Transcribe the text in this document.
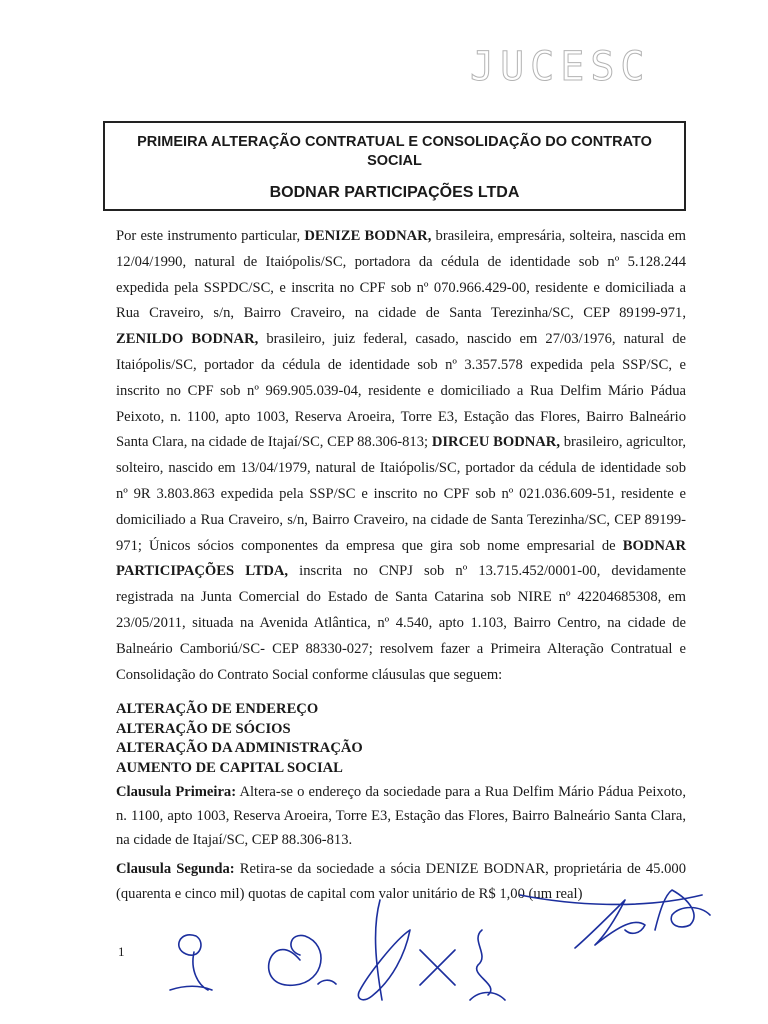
JUCESC
PRIMEIRA ALTERAÇÃO CONTRATUAL E CONSOLIDAÇÃO DO CONTRATO SOCIAL
BODNAR PARTICIPAÇÕES LTDA

Por este instrumento particular, DENIZE BODNAR, brasileira, empresária, solteira, nascida em 12/04/1990, natural de Itaiópolis/SC, portadora da cédula de identidade sob nº 5.128.244 expedida pela SSPDC/SC, e inscrita no CPF sob nº 070.966.429-00, residente e domiciliada a Rua Craveiro, s/n, Bairro Craveiro, na cidade de Santa Terezinha/SC, CEP 89199-971, ZENILDO BODNAR, brasileiro, juiz federal, casado, nascido em 27/03/1976, natural de Itaiópolis/SC, portador da cédula de identidade sob nº 3.357.578 expedida pela SSP/SC, e inscrito no CPF sob nº 969.905.039-04, residente e domiciliado a Rua Delfim Mário Pádua Peixoto, n. 1100, apto 1003, Reserva Aroeira, Torre E3, Estação das Flores, Bairro Balneário Santa Clara, na cidade de Itajaí/SC, CEP 88.306-813; DIRCEU BODNAR, brasileiro, agricultor, solteiro, nascido em 13/04/1979, natural de Itaiópolis/SC, portador da cédula de identidade sob nº 9R 3.803.863 expedida pela SSP/SC e inscrito no CPF sob nº 021.036.609-51, residente e domiciliado a Rua Craveiro, s/n, Bairro Craveiro, na cidade de Santa Terezinha/SC, CEP 89199-971; Únicos sócios componentes da empresa que gira sob nome empresarial de BODNAR PARTICIPAÇÕES LTDA, inscrita no CNPJ sob nº 13.715.452/0001-00, devidamente registrada na Junta Comercial do Estado de Santa Catarina sob NIRE nº 42204685308, em 23/05/2011, situada na Avenida Atlântica, nº 4.540, apto 1.103, Bairro Centro, na cidade de Balneário Camboriú/SC- CEP 88330-027; resolvem fazer a Primeira Alteração Contratual e Consolidação do Contrato Social conforme cláusulas que seguem:

ALTERAÇÃO DE ENDEREÇO
ALTERAÇÃO DE SÓCIOS
ALTERAÇÃO DA ADMINISTRAÇÃO
AUMENTO DE CAPITAL SOCIAL
Clausula Primeira: Altera-se o endereço da sociedade para a Rua Delfim Mário Pádua Peixoto, n. 1100, apto 1003, Reserva Aroeira, Torre E3, Estação das Flores, Bairro Balneário Santa Clara, na cidade de Itajaí/SC, CEP 88.306-813.
Clausula Segunda: Retira-se da sociedade a sócia DENIZE BODNAR, proprietária de 45.000 (quarenta e cinco mil) quotas de capital com valor unitário de R$ 1,00 (um real)
1
